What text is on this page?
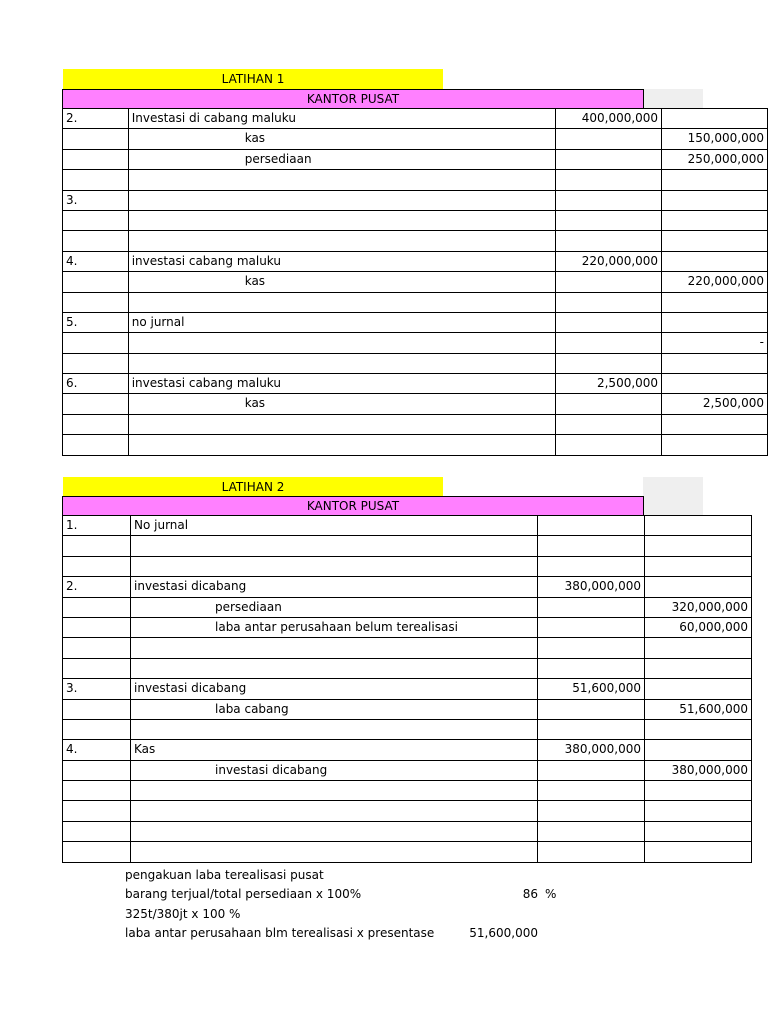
LATIHAN 1
KANTOR PUSAT
2.	Investasi di cabang maluku	400,000,000	
	kas		150,000,000
	persediaan		250,000,000

3.			

4.	investasi cabang maluku	220,000,000	
	kas		220,000,000

5.	no jurnal		
			-

6.	investasi cabang maluku	2,500,000	
	kas		2,500,000

LATIHAN 2
KANTOR PUSAT
1.	No jurnal		

2.	investasi dicabang	380,000,000	
	persediaan		320,000,000
	laba antar perusahaan belum terealisasi		60,000,000

3.	investasi dicabang	51,600,000	
	laba cabang		51,600,000

4.	Kas	380,000,000	
	investasi dicabang		380,000,000

pengakuan laba terealisasi pusat
barang terjual/total persediaan x 100%	86 %
325t/380jt x 100 %
laba antar perusahaan blm terealisasi x presentase	51,600,000
